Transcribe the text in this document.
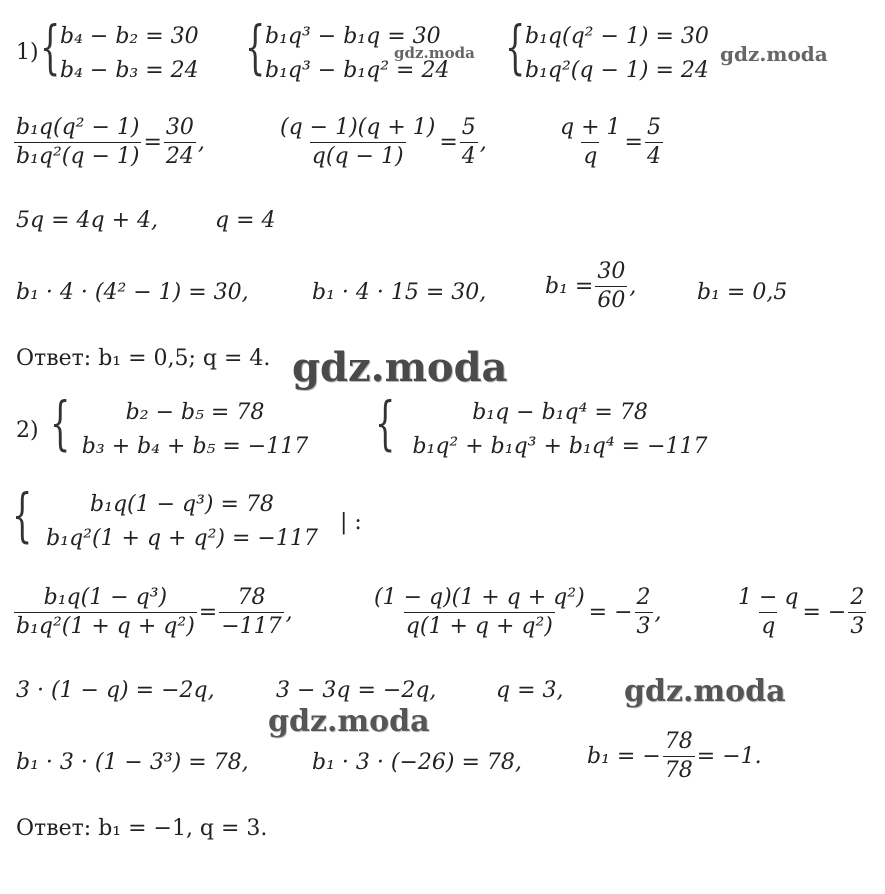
1) { b₄ − b₂ = 30
b₄ − b₃ = 24 { b₁q³ − b₁q = 30
b₁q³ − b₁q² = 24 { b₁q(q² − 1) = 30
b₁q²(q − 1) = 24
$\frac{\text{b₁q(q² − 1)}}{\text{b₁q²(q − 1)}} = \frac{30}{24}$ ,	$\frac{(q - 1)(q + 1)}{q(q - 1)} = \frac{5}{4}$ ,	$\frac{q + 1}{q} = \frac{5}{4}$
5q = 4q + 4,	q = 4
b₁ · 4 · (4² − 1) = 30,	b₁ · 4 · 15 = 30,	$b_1 = \frac{30}{60}$ ,	b₁ = 0,5
Ответ: b₁ = 0,5; q = 4.
2) {	b₂ − b₅ = 78
b₃ + b₄ + b₅ = −117 {	b₁q − b₁q⁴ = 78
b₁q² + b₁q³ + b₁q⁴ = −117
{	b₁q(1 − q³) = 78
b₁q²(1 + q + q²) = −117
| :
$\frac{\text{b₁q(1 − q³)}}{\text{b₁q²(1 + q + q²)}} = \frac{78}{-117}$ ,	$\frac{\text{(1 − q)(1 + q + q²)}}{\text{q(1 + q + q²)}}$ = − $\frac{2}{3}$ ,	$\frac{1 - q}{q}$ = − $\frac{2}{3}$
3 · (1 − q) = −2q,	3 − 3q = −2q,	q = 3,
b₁ · 3 · (1 − 3³) = 78,	b₁ · 3 · (−26) = 78,	b₁ = − $\frac{78}{78} = -1$.
Ответ: b₁ = −1, q = 3.
gdz.moda	gdz.moda
gdz.moda
gdz.moda
gdz.moda
